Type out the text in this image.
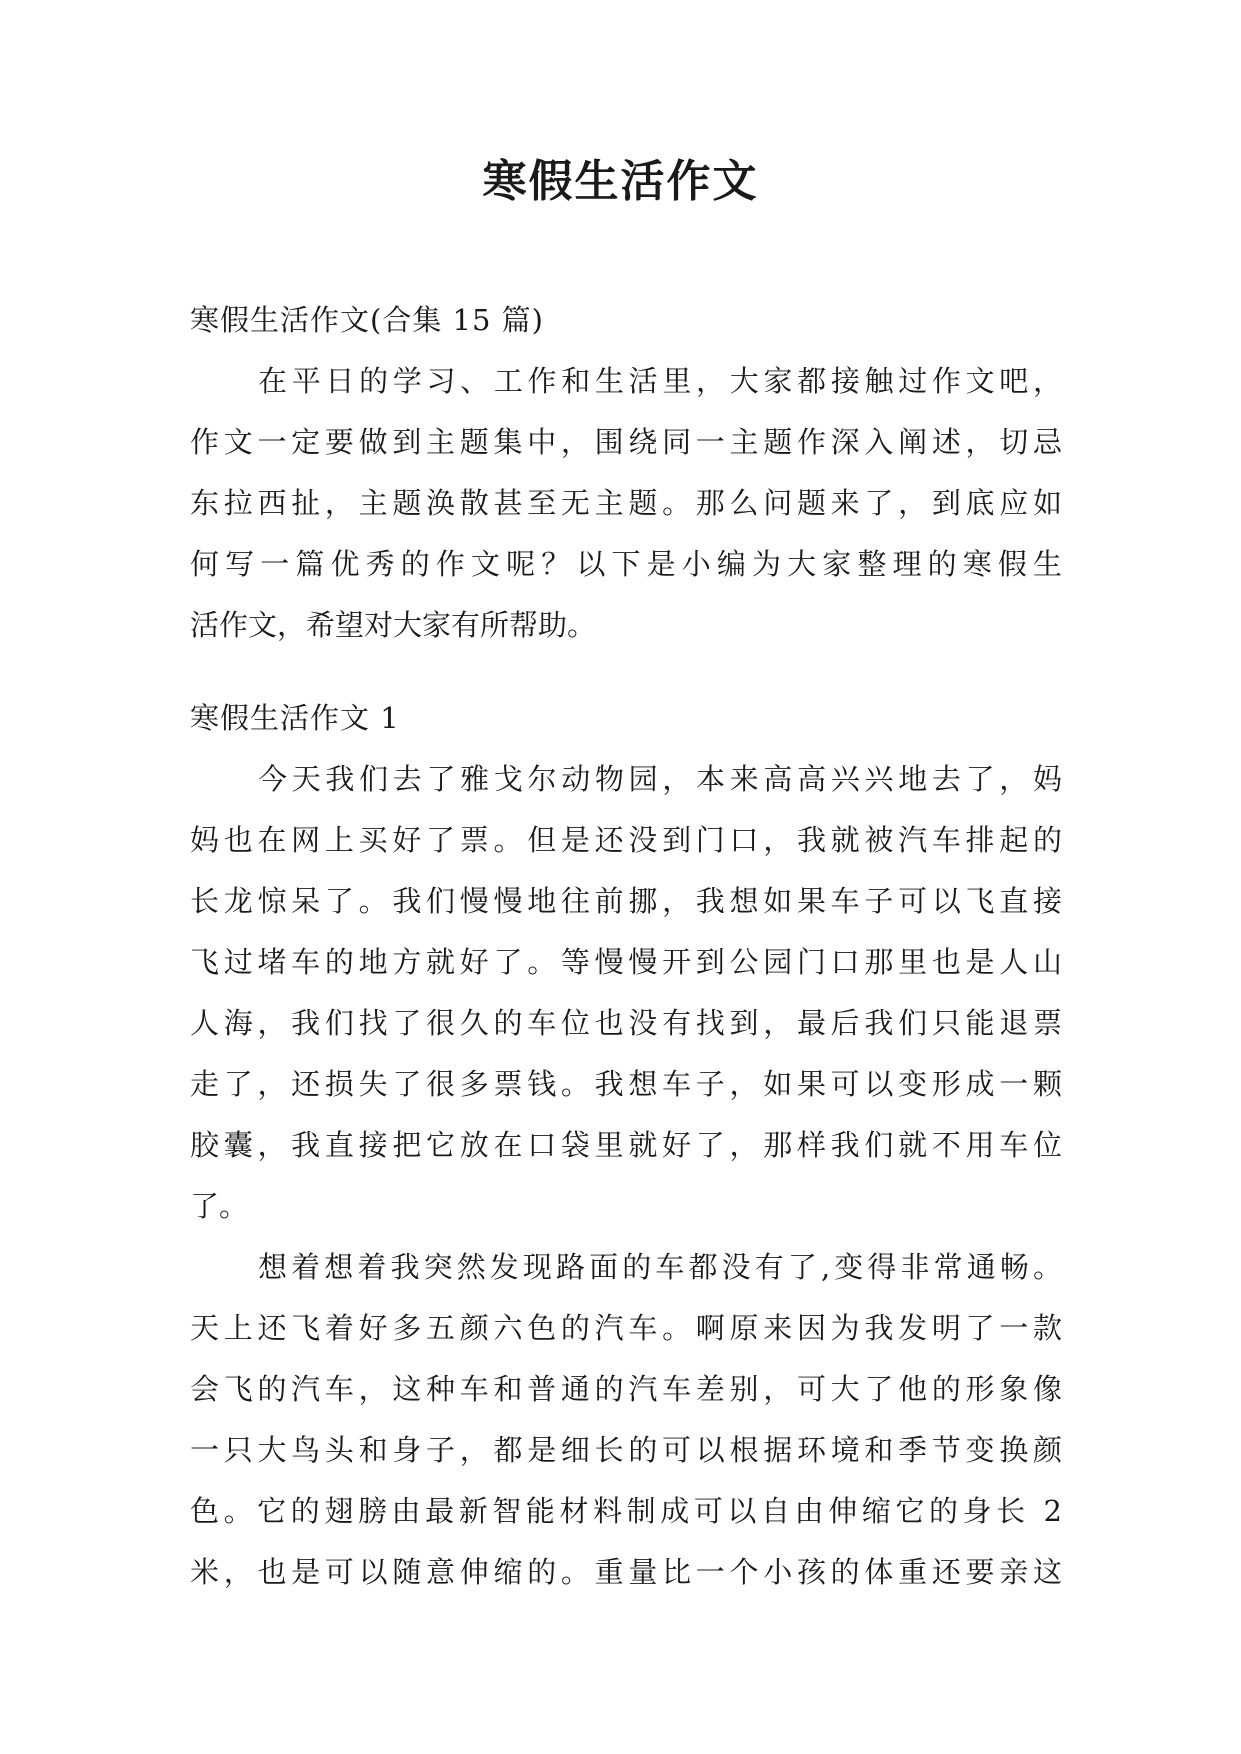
寒假生活作文
寒假生活作文(合集 15 篇)
在平日的学习、工作和生活里，大家都接触过作文吧，
作文一定要做到主题集中，围绕同一主题作深入阐述，切忌
东拉西扯，主题涣散甚至无主题。那么问题来了，到底应如
何写一篇优秀的作文呢？以下是小编为大家整理的寒假生
活作文，希望对大家有所帮助。
寒假生活作文 1
今天我们去了雅戈尔动物园，本来高高兴兴地去了，妈
妈也在网上买好了票。但是还没到门口，我就被汽车排起的
长龙惊呆了。我们慢慢地往前挪，我想如果车子可以飞直接
飞过堵车的地方就好了。等慢慢开到公园门口那里也是人山
人海，我们找了很久的车位也没有找到，最后我们只能退票
走了，还损失了很多票钱。我想车子，如果可以变形成一颗
胶囊，我直接把它放在口袋里就好了，那样我们就不用车位
了。
想着想着我突然发现路面的车都没有了,变得非常通畅。
天上还飞着好多五颜六色的汽车。啊原来因为我发明了一款
会飞的汽车，这种车和普通的汽车差别，可大了他的形象像
一只大鸟头和身子，都是细长的可以根据环境和季节变换颜
色。它的翅膀由最新智能材料制成可以自由伸缩它的身长 2
米，也是可以随意伸缩的。重量比一个小孩的体重还要亲这
